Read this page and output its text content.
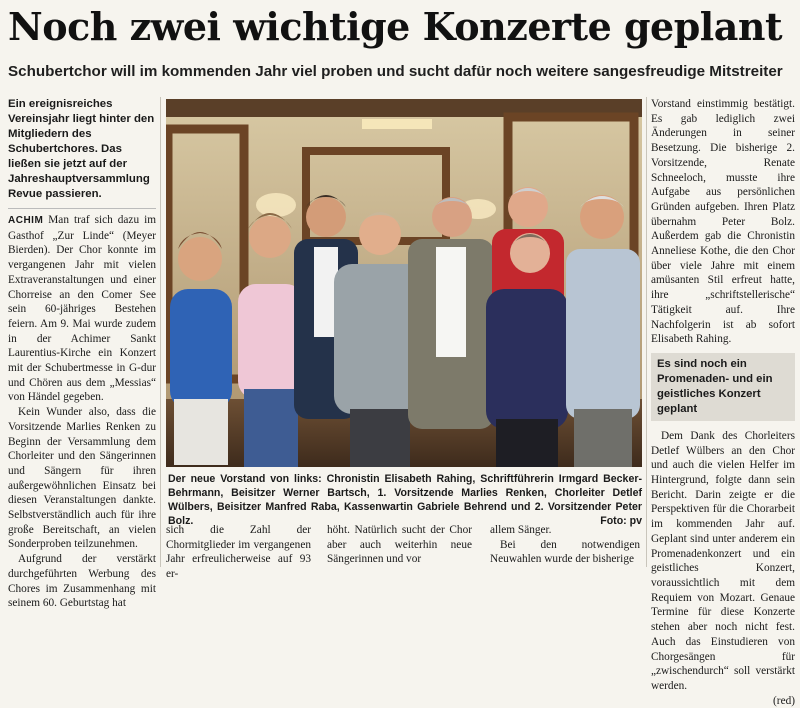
Noch zwei wichtige Konzerte geplant
Schubertchor will im kommenden Jahr viel proben und sucht dafür noch weitere sangesfreudige Mitstreiter
Ein ereignisreiches Vereinsjahr liegt hinter den Mitgliedern des Schubertchores. Das ließen sie jetzt auf der Jahreshauptversammlung Revue passieren.

ACHIM Man traf sich dazu im Gasthof „Zur Linde“ (Meyer Bierden). Der Chor konnte im vergangenen Jahr mit vielen Extraveranstaltungen und einer Chorreise an den Comer See sein 60-jähriges Bestehen feiern. Am 9. Mai wurde zudem in der Achimer Sankt Laurentius-Kirche ein Konzert mit der Schubertmesse in G-dur und Chören aus dem „Messias“ von Händel gegeben.

Kein Wunder also, dass die Vorsitzende Marlies Renken zu Beginn der Versammlung dem Chorleiter und den Sängerinnen und Sängern für ihren außergewöhnlichen Einsatz bei diesen Veranstaltungen dankte. Selbstverständlich auch für ihre große Bereitschaft, an vielen Sonderproben teilzunehmen.

Aufgrund der verstärkt durchgeführten Werbung des Chores im Zusammenhang mit seinem 60. Geburtstag hat

Der neue Vorstand von links: Chronistin Elisabeth Rahing, Schriftführerin Irmgard Becker-Behrmann, Beisitzer Werner Bartsch, 1. Vorsitzende Marlies Renken, Chorleiter Detlef Wülbers, Beisitzer Manfred Raba, Kassenwartin Gabriele Behrend und 2. Vorsitzender Peter Bolz.	Foto: pv
sich die Zahl der Chormitglieder im vergangenen Jahr erfreulicherweise auf 93 er-
höht. Natürlich sucht der Chor aber auch weiterhin neue Sängerinnen und vor
allem Sänger.
Bei den notwendigen Neuwahlen wurde der bisherige

Vorstand einstimmig bestätigt. Es gab lediglich zwei Änderungen in seiner Besetzung. Die bisherige 2. Vorsitzende, Renate Schneeloch, musste ihre Aufgabe aus persönlichen Gründen aufgeben. Ihren Platz übernahm Peter Bolz. Außerdem gab die Chronistin Anneliese Kothe, die den Chor über viele Jahre mit einem amüsanten Stil erfreut hatte, ihre „schriftstellerische“ Tätigkeit auf. Ihre Nachfolgerin ist ab sofort Elisabeth Rahing.

Es sind noch ein Promenaden- und ein geistliches Konzert geplant

Dem Dank des Chorleiters Detlef Wülbers an den Chor und auch die vielen Helfer im Hintergrund, folgte dann sein Bericht. Darin zeigte er die Perspektiven für die Chorarbeit im kommenden Jahr auf. Geplant sind unter anderem ein Promenadenkonzert und ein geistliches Konzert, voraussichtlich mit dem Requiem von Mozart. Genaue Termine für diese Konzerte stehen aber noch nicht fest. Auch das Einstudieren von Chorgesängen für „zwischendurch“ soll verstärkt werden.

(red)
